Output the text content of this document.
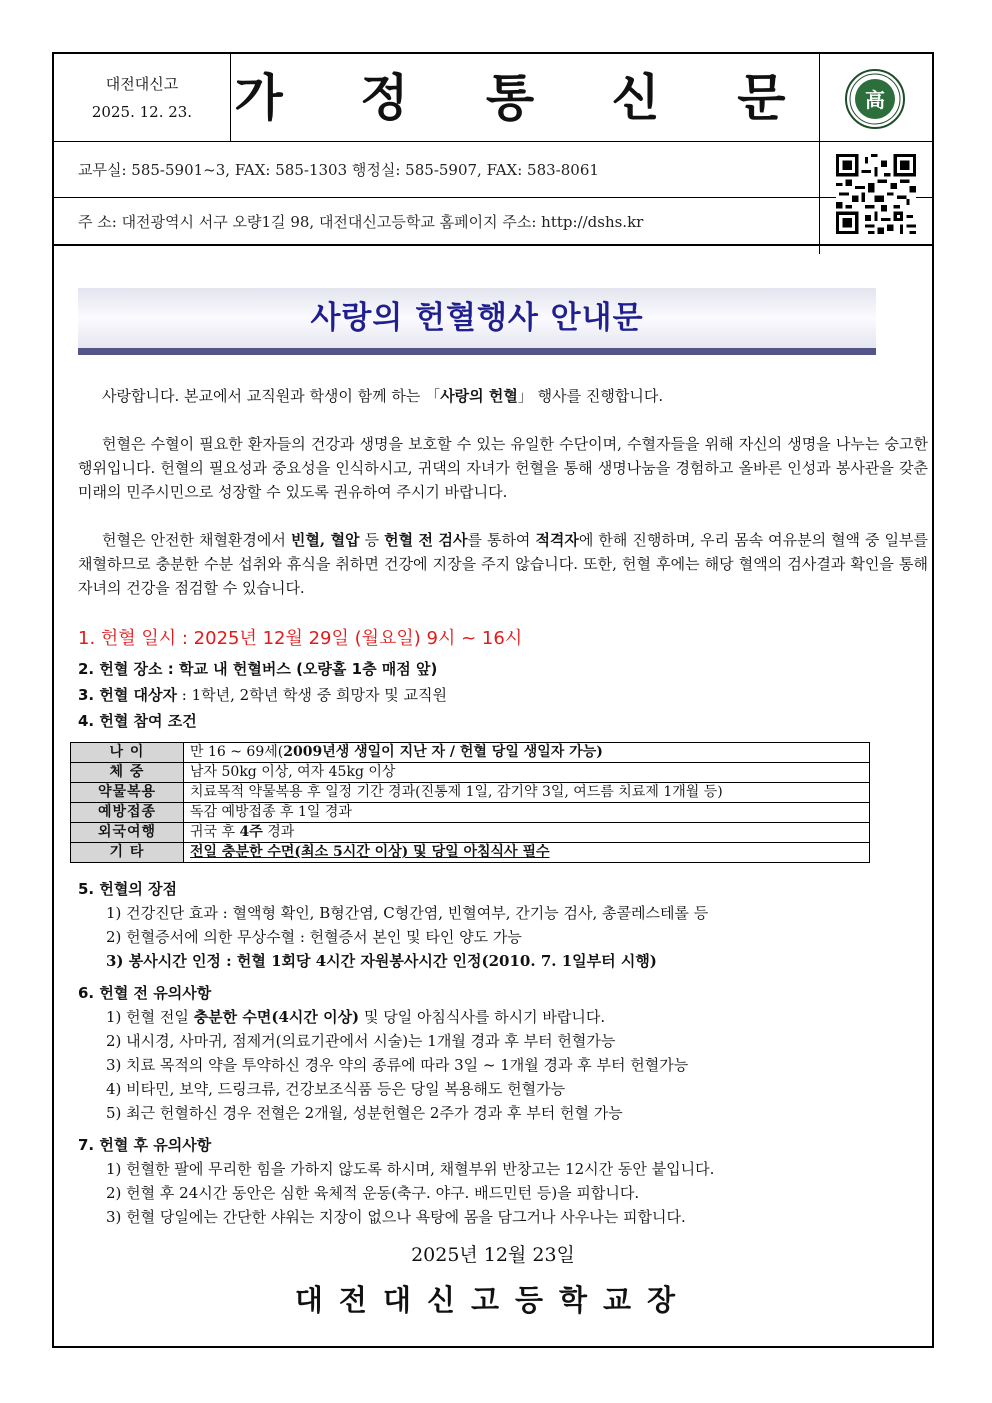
대전대신고
2025. 12. 23. 가 정 통 신 문 高
교무실: 585-5901~3, FAX: 585-1303 행정실: 585-5907, FAX: 583-8061
주 소: 대전광역시 서구 오량1길 98, 대전대신고등학교 홈페이지 주소: http://dshs.kr
사랑의 헌혈행사 안내문
사랑합니다. 본교에서 교직원과 학생이 함께 하는 「사랑의 헌혈」 행사를 진행합니다.
헌혈은 수혈이 필요한 환자들의 건강과 생명을 보호할 수 있는 유일한 수단이며, 수혈자들을 위해 자신의 생명을 나누는 숭고한 행위입니다. 헌혈의 필요성과 중요성을 인식하시고, 귀댁의 자녀가 헌혈을 통해 생명나눔을 경험하고 올바른 인성과 봉사관을 갖춘 미래의 민주시민으로 성장할 수 있도록 권유하여 주시기 바랍니다.
헌혈은 안전한 채혈환경에서 빈혈, 혈압 등 헌혈 전 검사를 통하여 적격자에 한해 진행하며, 우리 몸속 여유분의 혈액 중 일부를 채혈하므로 충분한 수분 섭취와 휴식을 취하면 건강에 지장을 주지 않습니다. 또한, 헌혈 후에는 해당 혈액의 검사결과 확인을 통해 자녀의 건강을 점검할 수 있습니다.
1. 헌혈 일시 : 2025년 12월 29일 (월요일) 9시 ~ 16시
2. 헌혈 장소 : 학교 내 헌혈버스 (오량홀 1층 매점 앞)
3. 헌혈 대상자 : 1학년, 2학년 학생 중 희망자 및 교직원
4. 헌혈 참여 조건
나 이	만 16 ~ 69세(2009년생 생일이 지난 자 / 헌혈 당일 생일자 가능)
체 중	남자 50kg 이상, 여자 45kg 이상
약물복용	치료목적 약물복용 후 일정 기간 경과(진통제 1일, 감기약 3일, 여드름 치료제 1개월 등)
예방접종	독감 예방접종 후 1일 경과
외국여행	귀국 후 4주 경과
기 타	전일 충분한 수면(최소 5시간 이상) 및 당일 아침식사 필수
5. 헌혈의 장점
1) 건강진단 효과 : 혈액형 확인, B형간염, C형간염, 빈혈여부, 간기능 검사, 총콜레스테롤 등
2) 헌혈증서에 의한 무상수혈 : 헌혈증서 본인 및 타인 양도 가능
3) 봉사시간 인정 : 헌혈 1회당 4시간 자원봉사시간 인정(2010. 7. 1일부터 시행)
6. 헌혈 전 유의사항
1) 헌혈 전일 충분한 수면(4시간 이상) 및 당일 아침식사를 하시기 바랍니다.
2) 내시경, 사마귀, 점제거(의료기관에서 시술)는 1개월 경과 후 부터 헌혈가능
3) 치료 목적의 약을 투약하신 경우 약의 종류에 따라 3일 ~ 1개월 경과 후 부터 헌혈가능
4) 비타민, 보약, 드링크류, 건강보조식품 등은 당일 복용해도 헌혈가능
5) 최근 헌혈하신 경우 전혈은 2개월, 성분헌혈은 2주가 경과 후 부터 헌혈 가능
7. 헌혈 후 유의사항
1) 헌혈한 팔에 무리한 힘을 가하지 않도록 하시며, 채혈부위 반창고는 12시간 동안 붙입니다.
2) 헌혈 후 24시간 동안은 심한 육체적 운동(축구. 야구. 배드민턴 등)을 피합니다.
3) 헌혈 당일에는 간단한 샤워는 지장이 없으나 욕탕에 몸을 담그거나 사우나는 피합니다.
2025년 12월 23일
대전대신고등학교장
